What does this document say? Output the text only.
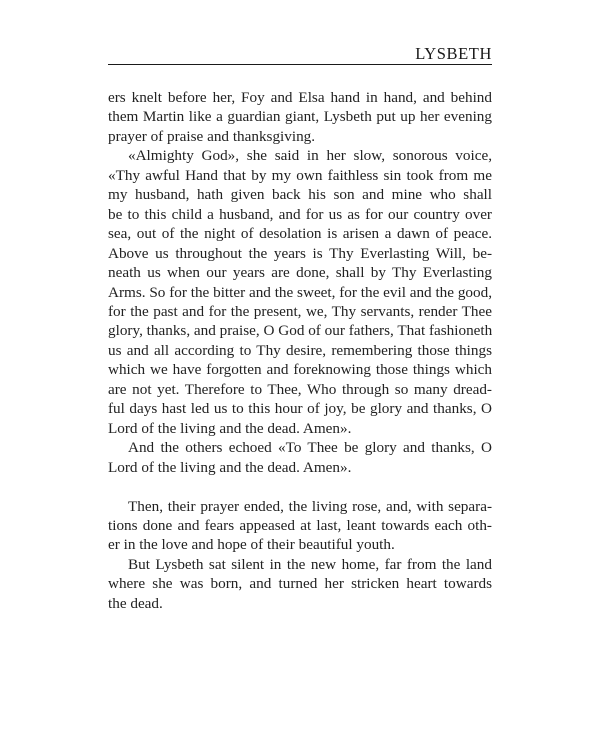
LYSBETH
ers knelt before her, Foy and Elsa hand in hand, and behind
them Martin like a guardian giant, Lysbeth put up her evening
prayer of praise and thanksgiving.
«Almighty God», she said in her slow, sonorous voice,
«Thy awful Hand that by my own faithless sin took from me
my husband, hath given back his son and mine who shall
be to this child a husband, and for us as for our country over
sea, out of the night of desolation is arisen a dawn of peace.
Above us throughout the years is Thy Everlasting Will, be-
neath us when our years are done, shall by Thy Everlasting
Arms. So for the bitter and the sweet, for the evil and the good,
for the past and for the present, we, Thy servants, render Thee
glory, thanks, and praise, O God of our fathers, That fashioneth
us and all according to Thy desire, remembering those things
which we have forgotten and foreknowing those things which
are not yet. Therefore to Thee, Who through so many dread-
ful days hast led us to this hour of joy, be glory and thanks, O
Lord of the living and the dead. Amen».
And the others echoed «To Thee be glory and thanks, O
Lord of the living and the dead. Amen».
Then, their prayer ended, the living rose, and, with separa-
tions done and fears appeased at last, leant towards each oth-
er in the love and hope of their beautiful youth.
But Lysbeth sat silent in the new home, far from the land
where she was born, and turned her stricken heart towards
the dead.
